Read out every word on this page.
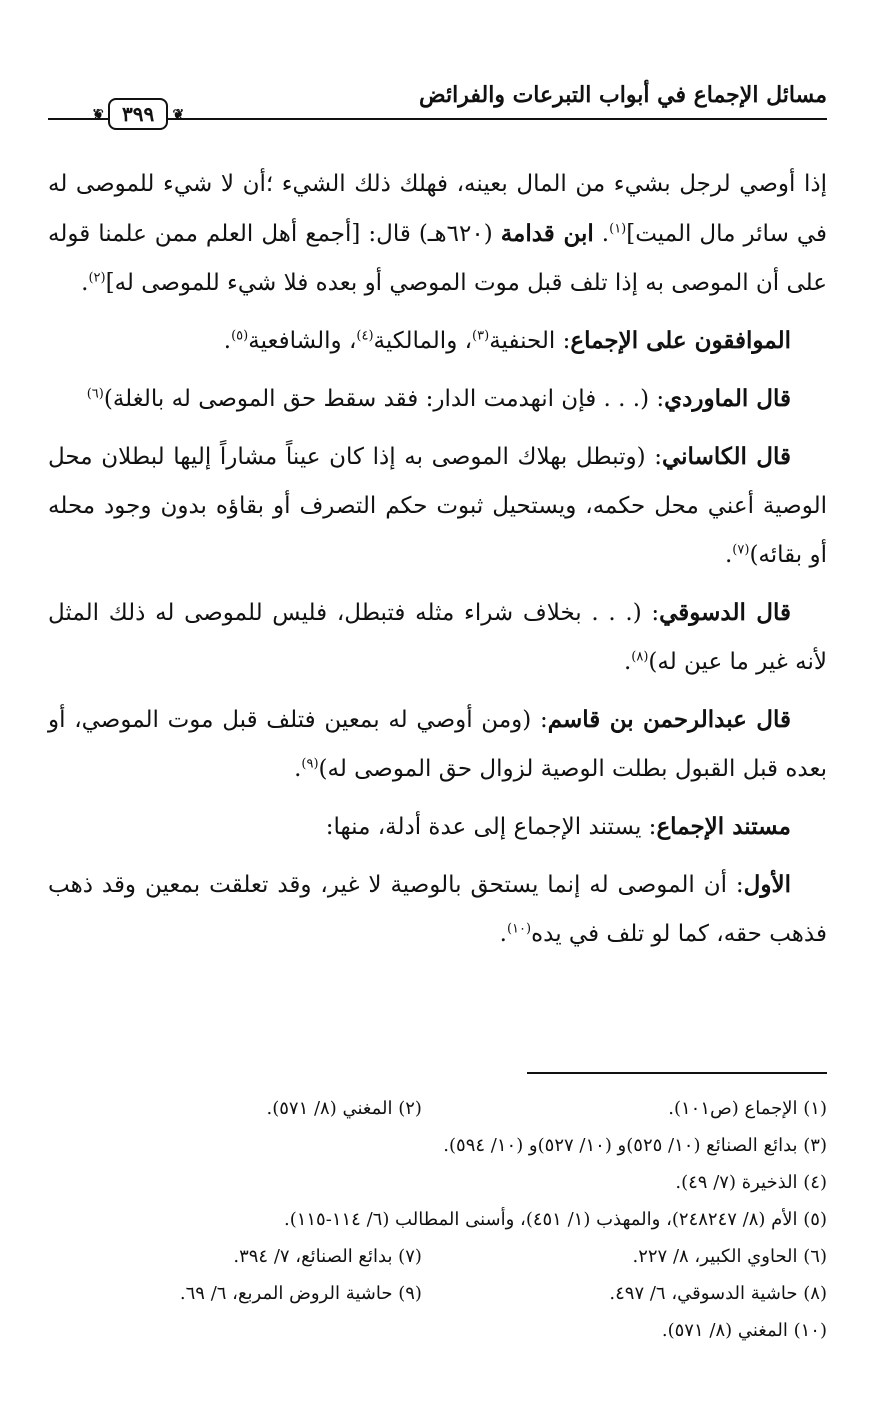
مسائل الإجماع في أبواب التبرعات والفرائض
❦ ٣٩٩ ❦

إذا أوصي لرجل بشيء من المال بعينه، فهلك ذلك الشيء ؛أن لا شيء للموصى له في سائر مال الميت]$^{(١)}$. ابن قدامة (٦٢٠هـ) قال: [أجمع أهل العلم ممن علمنا قوله على أن الموصى به إذا تلف قبل موت الموصي أو بعده فلا شيء للموصى له]$^{(٢)}$.

الموافقون على الإجماع: الحنفية$^{(٣)}$، والمالكية$^{(٤)}$، والشافعية$^{(٥)}$.

قال الماوردي: (. . . فإن انهدمت الدار: فقد سقط حق الموصى له بالغلة)$^{(٦)}$

قال الكاساني: (وتبطل بهلاك الموصى به إذا كان عيناً مشاراً إليها لبطلان محل الوصية أعني محل حكمه، ويستحيل ثبوت حكم التصرف أو بقاؤه بدون وجود محله أو بقائه)$^{(٧)}$.

قال الدسوقي: (. . . بخلاف شراء مثله فتبطل، فليس للموصى له ذلك المثل لأنه غير ما عين له)$^{(٨)}$.

قال عبدالرحمن بن قاسم: (ومن أوصي له بمعين فتلف قبل موت الموصي، أو بعده قبل القبول بطلت الوصية لزوال حق الموصى له)$^{(٩)}$.

مستند الإجماع: يستند الإجماع إلى عدة أدلة، منها:

الأول: أن الموصى له إنما يستحق بالوصية لا غير، وقد تعلقت بمعين وقد ذهب فذهب حقه، كما لو تلف في يده$^{(١٠)}$.

(١) الإجماع (ص١٠١).
(٢) المغني (٨/ ٥٧١).
(٣) بدائع الصنائع (١٠/ ٥٢٥)و (١٠/ ٥٢٧)و (١٠/ ٥٩٤).
(٤) الذخيرة (٧/ ٤٩).
(٥) الأم (٨/ ٢٤٨٢٤٧)، والمهذب (١/ ٤٥١)، وأسنى المطالب (٦/ ١١٤-١١٥).
(٦) الحاوي الكبير، ٨/ ٢٢٧.
(٧) بدائع الصنائع، ٧/ ٣٩٤.
(٨) حاشية الدسوقي، ٦/ ٤٩٧.
(٩) حاشية الروض المربع، ٦/ ٦٩.
(١٠) المغني (٨/ ٥٧١).
